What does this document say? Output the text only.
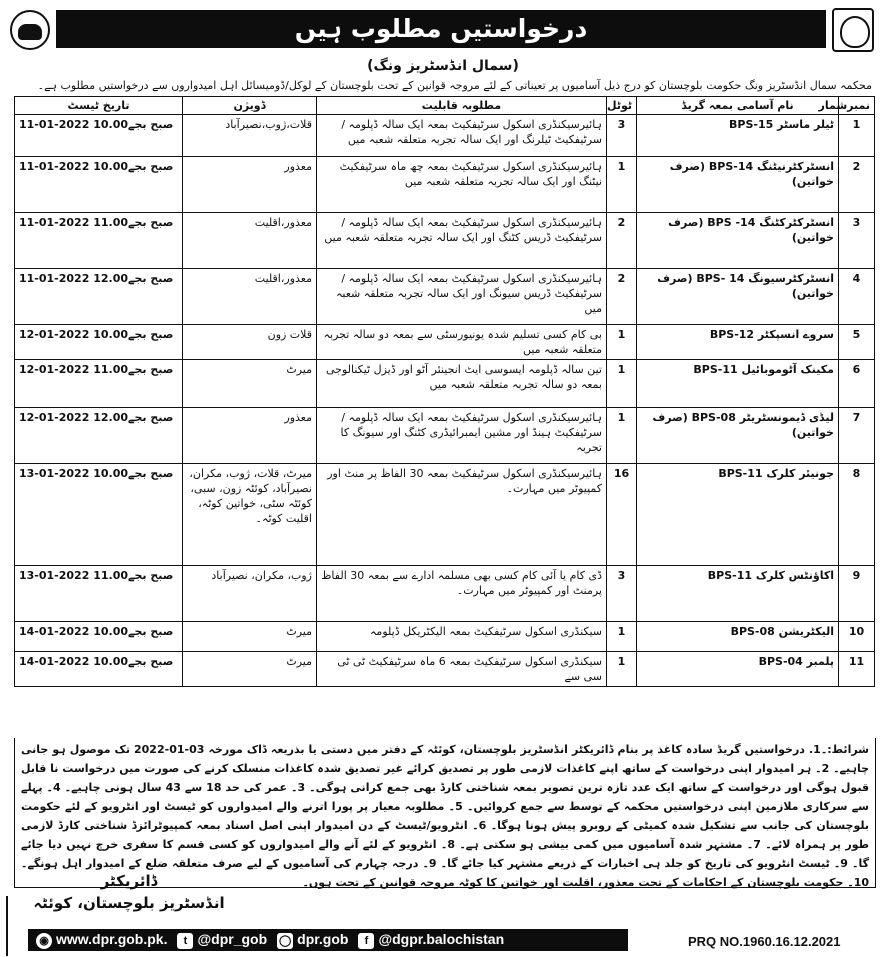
درخواستیں مطلوب ہیں
(سمال انڈسٹریز ونگ)
محکمہ سمال انڈسٹریز ونگ حکومت بلوچستان کو درج ذیل آسامیوں پر تعیناتی کے لئے مروجہ قوانین کے تحت بلوچستان کے لوکل/ڈومیسائل اہل امیدواروں سے درخواستیں مطلوب ہے۔
نمبرشمار	نام آسامی بمعہ گریڈ	ٹوٹل	مطلوبہ قابلیت	ڈویژن	تاریخ ٹیسٹ
1	ٹیلر ماسٹر BPS-15	3	ہائیرسیکنڈری اسکول سرٹیفکیٹ بمعہ ایک سالہ ڈپلومہ /سرٹیفکیٹ ٹیلرنگ اور ایک سالہ تجربہ متعلقہ شعبہ میں	قلات،ژوب،نصیرآباد	11-01-2022 صبح بجے10.00
2	انسٹرکٹرنیٹنگ BPS-14 (صرف خواتین)	1	ہائیرسیکنڈری اسکول سرٹیفکیٹ بمعہ چھ ماہ سرٹیفکیٹ نیٹنگ اور ایک سالہ تجربہ متعلقہ شعبہ میں	معذور	11-01-2022 صبح بجے10.00
3	انسٹرکٹرکٹنگ BPS -14 (صرف خواتین)	2	ہائیرسیکنڈری اسکول سرٹیفکیٹ بمعہ ایک سالہ ڈپلومہ /سرٹیفکیٹ ڈریس کٹنگ اور ایک سالہ تجربہ متعلقہ شعبہ میں	معذور،اقلیت	11-01-2022 صبح بجے11.00
4	انسٹرکٹرسیونگ BPS- 14 (صرف خواتین)	2	ہائیرسیکنڈری اسکول سرٹیفکیٹ بمعہ ایک سالہ ڈپلومہ /سرٹیفکیٹ ڈریس سیونگ اور ایک سالہ تجربہ متعلقہ شعبہ میں	معذور،اقلیت	11-01-2022 صبح بجے12.00
5	سروے انسپکٹر BPS-12	1	بی کام کسی تسلیم شدہ یونیورسٹی سے بمعہ دو سالہ تجربہ متعلقہ شعبہ میں	قلات زون	12-01-2022 صبح بجے10.00
6	مکینک آٹوموبائیل BPS-11	1	تین سالہ ڈپلومہ ایسوسی ایٹ انجینئر آٹو اور ڈیزل ٹیکنالوجی بمعہ دو سالہ تجربہ متعلقہ شعبہ میں	میرٹ	12-01-2022 صبح بجے11.00
7	لیڈی ڈیمونسٹریٹر BPS-08 (صرف خواتین)	1	ہائیرسیکنڈری اسکول سرٹیفکیٹ بمعہ ایک سالہ ڈپلومہ /سرٹیفکیٹ ہینڈ اور مشین ایمبرائیڈری کٹنگ اور سیونگ کا تجربہ	معذور	12-01-2022 صبح بجے12.00
8	جونیئر کلرک BPS-11	16	ہائیرسیکنڈری اسکول سرٹیفکیٹ بمعہ 30 الفاظ پر منٹ اور کمپیوٹر میں مہارت۔	میرٹ، قلات، ژوب، مکران، نصیرآباد، کوئٹہ زون، سبی، کوئٹہ سٹی، خواتین کوٹہ، اقلیت کوٹہ۔	13-01-2022 صبح بجے10.00
9	اکاؤنٹس کلرک BPS-11	3	ڈی کام یا آئی کام کسی بھی مسلمہ ادارے سے بمعہ 30 الفاظ پرمنٹ اور کمپیوٹر میں مہارت۔	ژوب، مکران، نصیرآباد	13-01-2022 صبح بجے11.00
10	الیکٹریشن BPS-08	1	سیکنڈری اسکول سرٹیفکیٹ بمعہ الیکٹریکل ڈپلومہ	میرٹ	14-01-2022 صبح بجے10.00
11	پلمبر BPS-04	1	سیکنڈری اسکول سرٹیفکیٹ بمعہ 6 ماہ سرٹیفکیٹ ٹی ٹی سی سے	میرٹ	14-01-2022 صبح بجے10.00
شرائط:۔1. درخواستیں گریڈ سادہ کاغذ پر بنام ڈائریکٹر انڈسٹریز بلوچستان، کوئٹہ کے دفتر میں دستی یا بذریعہ ڈاک مورخہ 03-01-2022 تک موصول ہو جانی چاہیے۔ 2۔ ہر امیدوار اپنی درخواست کے ساتھ اپنے کاغذات لازمی طور پر تصدیق کرائے غیر تصدیق شدہ کاغذات منسلک کرنے کی صورت میں درخواست نا قابل قبول ہوگی اور درخواست کے ساتھ ایک عدد تازہ ترین تصویر بمعہ شناختی کارڈ بھی جمع کرانی ہوگی۔ 3۔ عمر کی حد 18 سے 43 سال ہونی چاہیے۔ 4۔ پہلے سے سرکاری ملازمین اپنی درخواستیں محکمہ کے توسط سے جمع کروائیں۔ 5۔ مطلوبہ معیار پر پورا اترنے والے امیدواروں کو ٹیسٹ اور انٹرویو کے لئے حکومت بلوچستان کی جانب سے تشکیل شدہ کمیٹی کے روبرو پیش ہونا ہوگا۔ 6۔ انٹرویو/ٹیسٹ کے دن امیدوار اپنی اصل اسناد بمعہ کمپیوٹرائزڈ شناختی کارڈ لازمی طور پر ہمراہ لائے۔ 7۔ مشتہر شدہ آسامیوں میں کمی بیشی ہو سکتی ہے۔ 8۔ انٹرویو کے لئے آنے والے امیدواروں کو کسی قسم کا سفری خرچ نہیں دیا جائے گا۔ 9۔ ٹیسٹ انٹرویو کی تاریخ کو جلد ہی اخبارات کے ذریعے مشتہر کیا جائے گا۔ 9۔ درجہ چہارم کی آسامیوں کے لیے صرف متعلقہ ضلع کے امیدوار اہل ہونگے۔ 10۔ حکومت بلوچستان کے احکامات کے تحت معذور، اقلیت اور خواتین کا کوٹہ مروجہ قوانین کے تحت ہوں۔
ڈائریکٹر
انڈسٹریز بلوچستان، کوئٹہ
◉ www.dpr.gob.pk.	t @dpr_gob ◯ dpr.gob	f @dgpr.balochistan	PRQ NO.1960.16.12.2021
